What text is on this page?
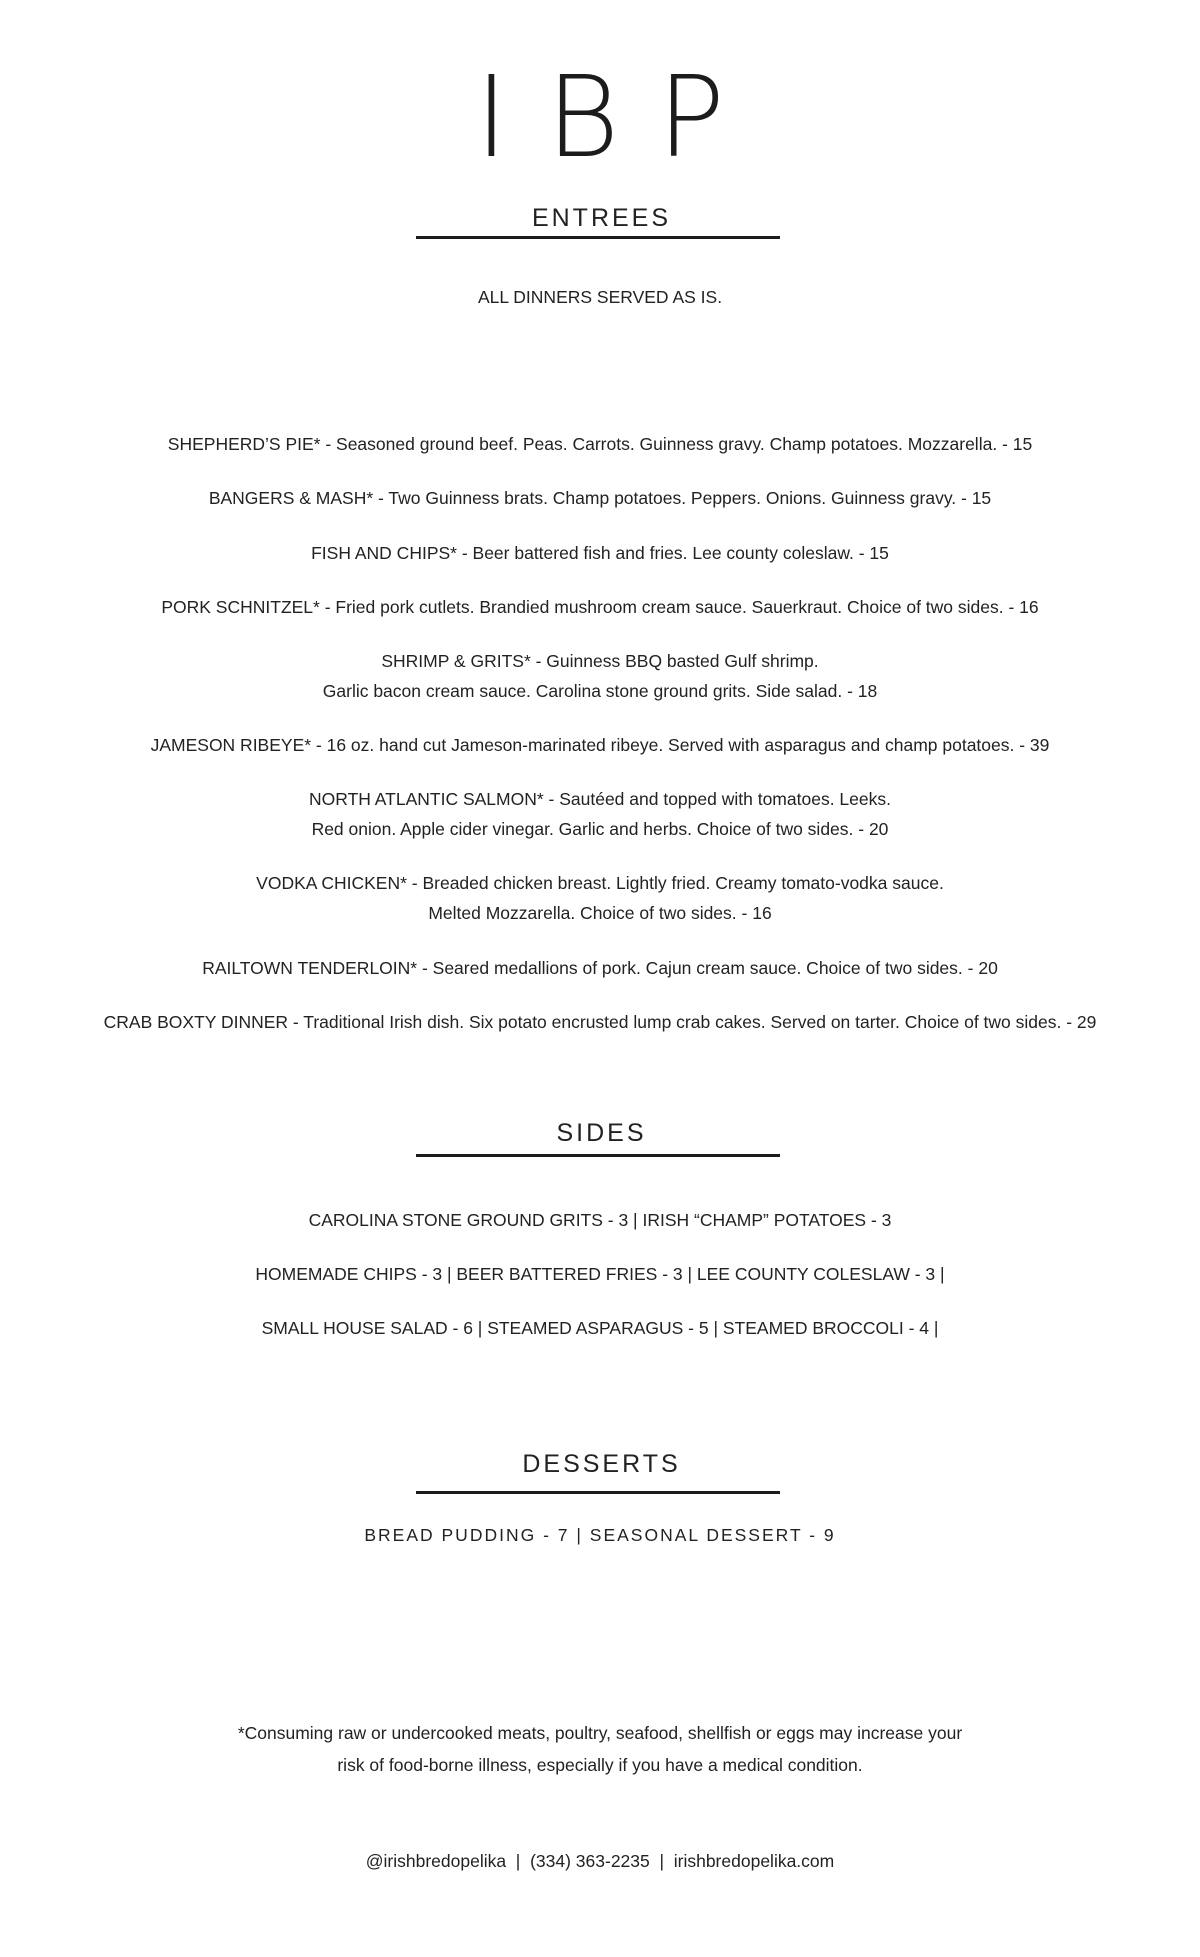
IBP
ENTREES
ALL DINNERS SERVED AS IS.
SHEPHERD’S PIE* - Seasoned ground beef. Peas. Carrots. Guinness gravy. Champ potatoes. Mozzarella. - 15
BANGERS & MASH* - Two Guinness brats. Champ potatoes. Peppers. Onions. Guinness gravy. - 15
FISH AND CHIPS* - Beer battered fish and fries. Lee county coleslaw. - 15
PORK SCHNITZEL* - Fried pork cutlets. Brandied mushroom cream sauce. Sauerkraut. Choice of two sides. - 16
SHRIMP & GRITS* - Guinness BBQ basted Gulf shrimp.
Garlic bacon cream sauce. Carolina stone ground grits. Side salad. - 18
JAMESON RIBEYE* - 16 oz. hand cut Jameson-marinated ribeye. Served with asparagus and champ potatoes. - 39
NORTH ATLANTIC SALMON* - Sautéed and topped with tomatoes. Leeks.
Red onion. Apple cider vinegar. Garlic and herbs. Choice of two sides. - 20
VODKA CHICKEN* - Breaded chicken breast. Lightly fried. Creamy tomato-vodka sauce.
Melted Mozzarella. Choice of two sides. - 16
RAILTOWN TENDERLOIN* - Seared medallions of pork. Cajun cream sauce. Choice of two sides. - 20
CRAB BOXTY DINNER - Traditional Irish dish. Six potato encrusted lump crab cakes. Served on tarter. Choice of two sides. - 29
SIDES
CAROLINA STONE GROUND GRITS - 3 | IRISH “CHAMP” POTATOES - 3
HOMEMADE CHIPS - 3 | BEER BATTERED FRIES - 3 | LEE COUNTY COLESLAW - 3 |
SMALL HOUSE SALAD - 6 | STEAMED ASPARAGUS - 5 | STEAMED BROCCOLI - 4 |
DESSERTS
BREAD PUDDING - 7 | SEASONAL DESSERT - 9
*Consuming raw or undercooked meats, poultry, seafood, shellfish or eggs may increase your
risk of food-borne illness, especially if you have a medical condition.
@irishbredopelika  |  (334) 363-2235  |  irishbredopelika.com
